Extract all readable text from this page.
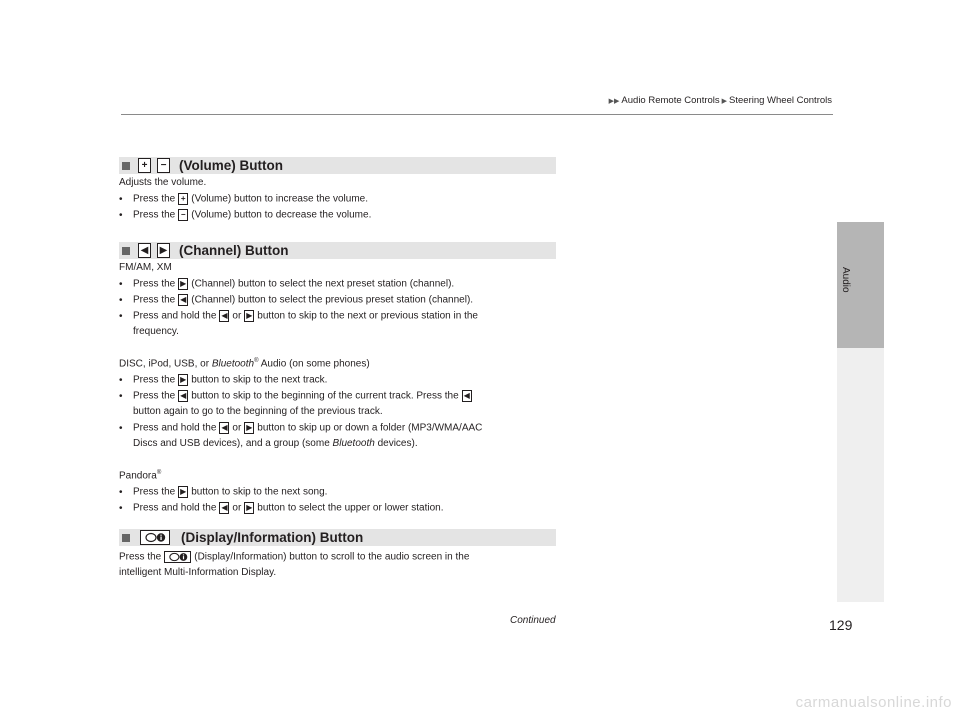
▶▶ Audio Remote Controls ▶ Steering Wheel Controls
Audio
+	− (Volume) Button
Adjusts the volume.
• Press the + (Volume) button to increase the volume.
• Press the − (Volume) button to decrease the volume.
◀ ▶ (Channel) Button
FM/AM, XM
• Press the ▶ (Channel) button to select the next preset station (channel).
• Press the ◀ (Channel) button to select the previous preset station (channel).
• Press and hold the ◀ or ▶ button to skip to the next or previous station in the
frequency.
DISC, iPod, USB, or Bluetooth® Audio (on some phones)
• Press the ▶ button to skip to the next track.
• Press the ◀ button to skip to the beginning of the current track. Press the ◀
button again to go to the beginning of the previous track.
• Press and hold the ◀ or ▶ button to skip up or down a folder (MP3/WMA/AAC
Discs and USB devices), and a group (some Bluetooth devices).
Pandora®
• Press the ▶ button to skip to the next song.
• Press and hold the ◀ or ▶ button to select the upper or lower station.
(Display/Information) Button
Press the	(Display/Information) button to scroll to the audio screen in the
intelligent Multi-Information Display.
Continued	129
carmanualsonline.info
